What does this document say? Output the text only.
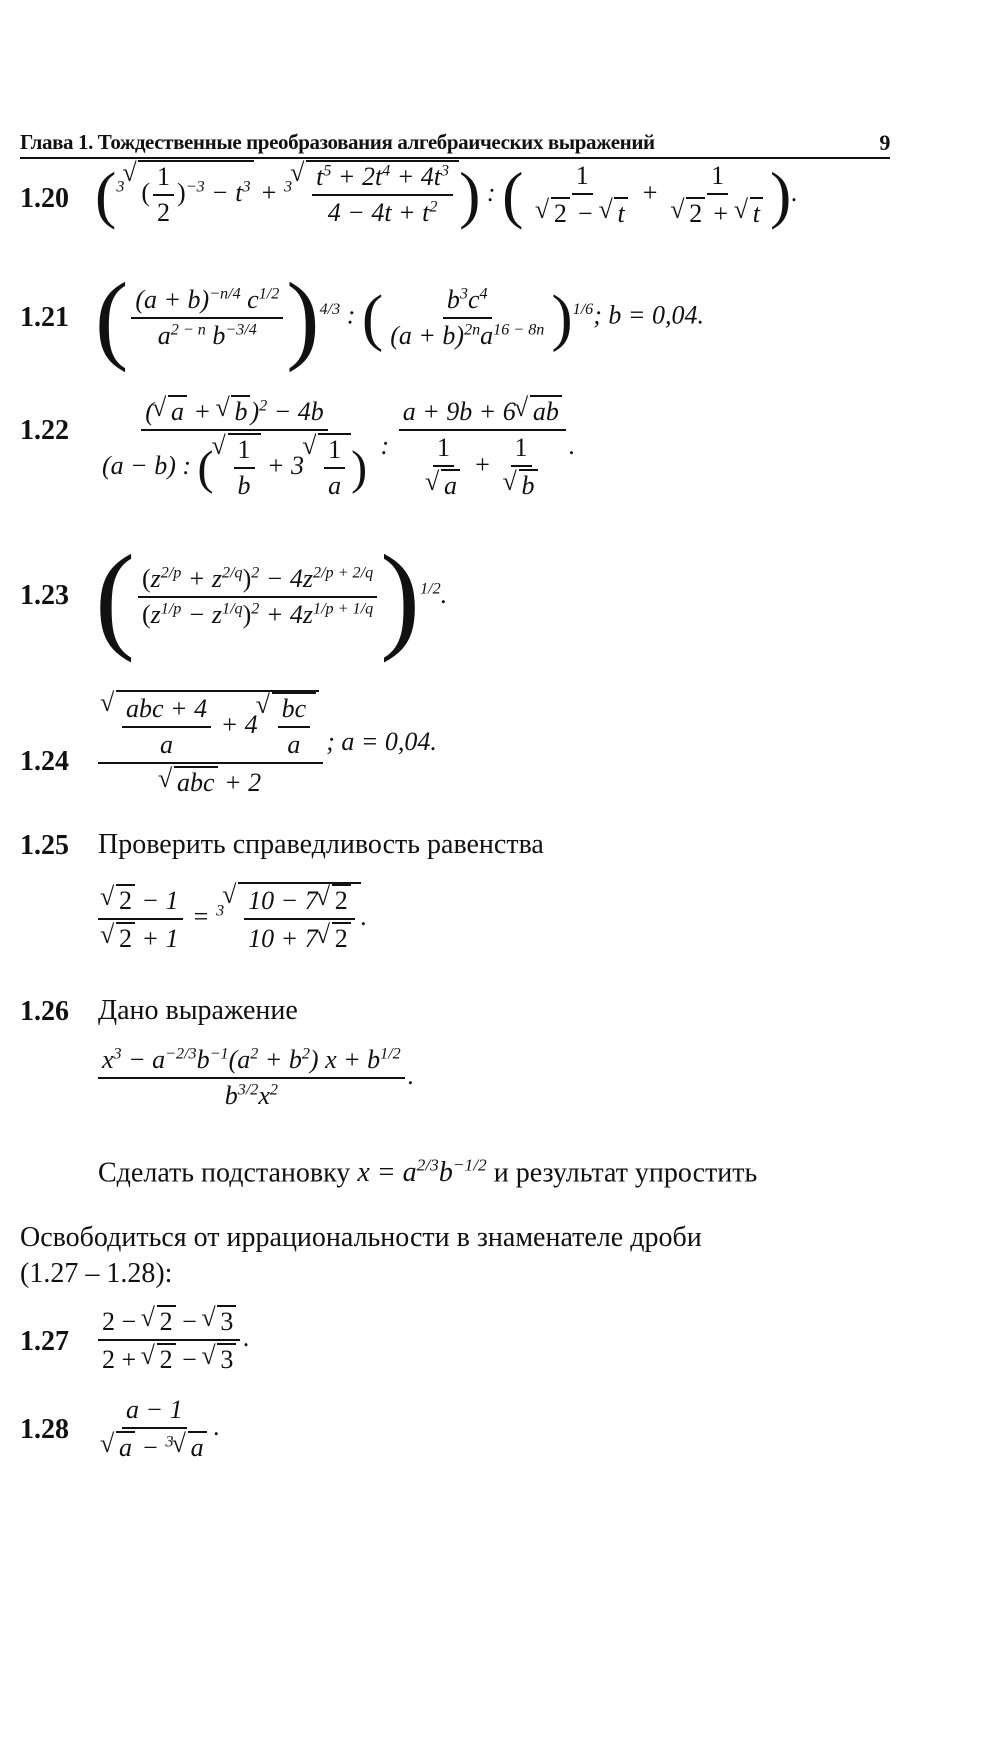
Глава 1. Тождественные преобразования алгебраических выражений	9
1.20 ($^3$√ ( $\frac{1}{2} )^{-3} - t^3 + ^3$
√ $\frac{t^5 + 2t^4 + 4t^3}{4 - 4t + t^2}$ ) : ( 1
√ 2 − √ t + 1
√ 2 + √ t ).
1.21 ( $\frac{(a + b)^{-n/4} c^{1/2}}{a^{2 - n} b^{-3/4}} )^{4/3}$ : ( $\frac{b^3c^4}{(a + b)^{2n}a^{16 - 8n}} )^{1/6}$; b = 0,04.
1.22 (√ a + √ b )$^2$ − 4b
(a − b) : (
√ $\frac{1}{b} + 3$
√ $\frac{1}{a}$ ) : a + 9b + 6√ ab
1
√ a + 1
√ b .
1.23 ( $\frac{(z^{2/p} + z^{2/q})^2 - 4z^{2/p + 2/q}}{(z^{1/p} - z^{1/q})^2 + 4z^{1/p + 1/q}} )^{1/2}$.
1.24
√ $\frac{\text{abc + 4}}{a} + 4$
√ $\frac{bc}{a}$
√ abc + 2 ; a = 0,04.
1.25 Проверить справедливость равенства
√ 2 − 1
√ 2 + 1 = $^3$
√ $\frac{10 - 7√ 2}{10 + 7√ 2}$ .
1.26 Дано выражение
$\frac{x^3 - a^{-2/3}b^{-1}(a^2 + b^2) x + b^{1/2}}{b^{3/2}x^2}$ .
Сделать подстановку $x = a^{2/3}b^{-1/2}$ и результат упростить
Освободиться от иррациональности в знаменателе дроби
(1.27 – 1.28):
$1.27 \frac{2 - √ 2 - √ 3}{2 + √ 2 - √ 3}$ .
1.28 a − 1
√ a − $^3$√ a .
